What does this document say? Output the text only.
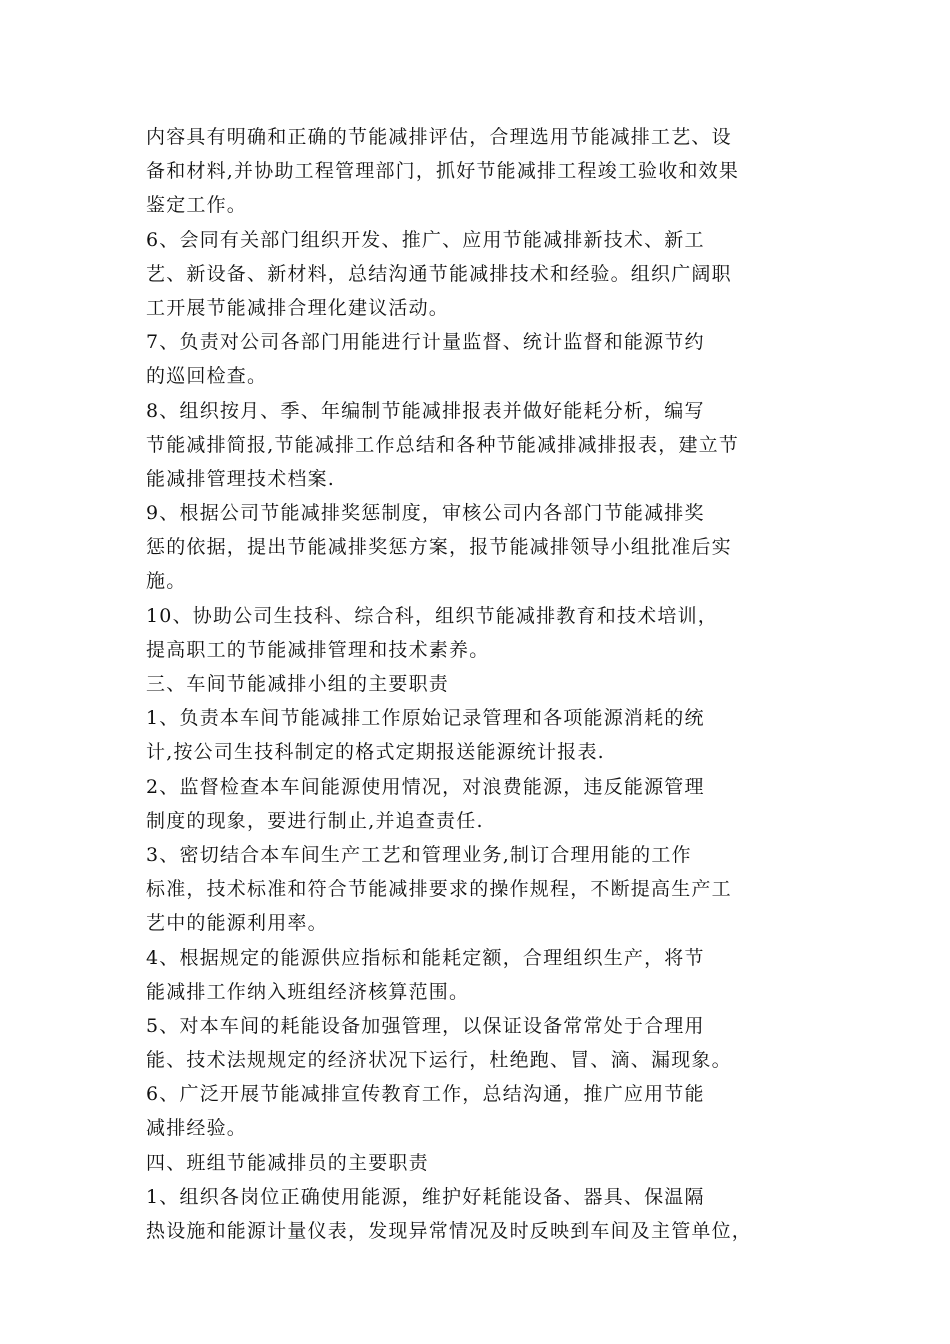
内容具有明确和正确的节能减排评估，合理选用节能减排工艺、设
备和材料,并协助工程管理部门，抓好节能减排工程竣工验收和效果
鉴定工作。
6、会同有关部门组织开发、推广、应用节能减排新技术、新工
艺、新设备、新材料，总结沟通节能减排技术和经验。组织广阔职
工开展节能减排合理化建议活动。
7、负责对公司各部门用能进行计量监督、统计监督和能源节约
的巡回检查。
8、组织按月、季、年编制节能减排报表并做好能耗分析，编写
节能减排简报,节能减排工作总结和各种节能减排减排报表，建立节
能减排管理技术档案.
9、根据公司节能减排奖惩制度，审核公司内各部门节能减排奖
惩的依据，提出节能减排奖惩方案，报节能减排领导小组批准后实
施。
10、协助公司生技科、综合科，组织节能减排教育和技术培训，
提高职工的节能减排管理和技术素养。
三、车间节能减排小组的主要职责
1、负责本车间节能减排工作原始记录管理和各项能源消耗的统
计,按公司生技科制定的格式定期报送能源统计报表.
2、监督检查本车间能源使用情况，对浪费能源，违反能源管理
制度的现象，要进行制止,并追查责任.
3、密切结合本车间生产工艺和管理业务,制订合理用能的工作
标准，技术标准和符合节能减排要求的操作规程，不断提高生产工
艺中的能源利用率。
4、根据规定的能源供应指标和能耗定额，合理组织生产，将节
能减排工作纳入班组经济核算范围。
5、对本车间的耗能设备加强管理，以保证设备常常处于合理用
能、技术法规规定的经济状况下运行，杜绝跑、冒、滴、漏现象。
6、广泛开展节能减排宣传教育工作，总结沟通，推广应用节能
减排经验。
四、班组节能减排员的主要职责
1、组织各岗位正确使用能源，维护好耗能设备、器具、保温隔
热设施和能源计量仪表，发现异常情况及时反映到车间及主管单位，
